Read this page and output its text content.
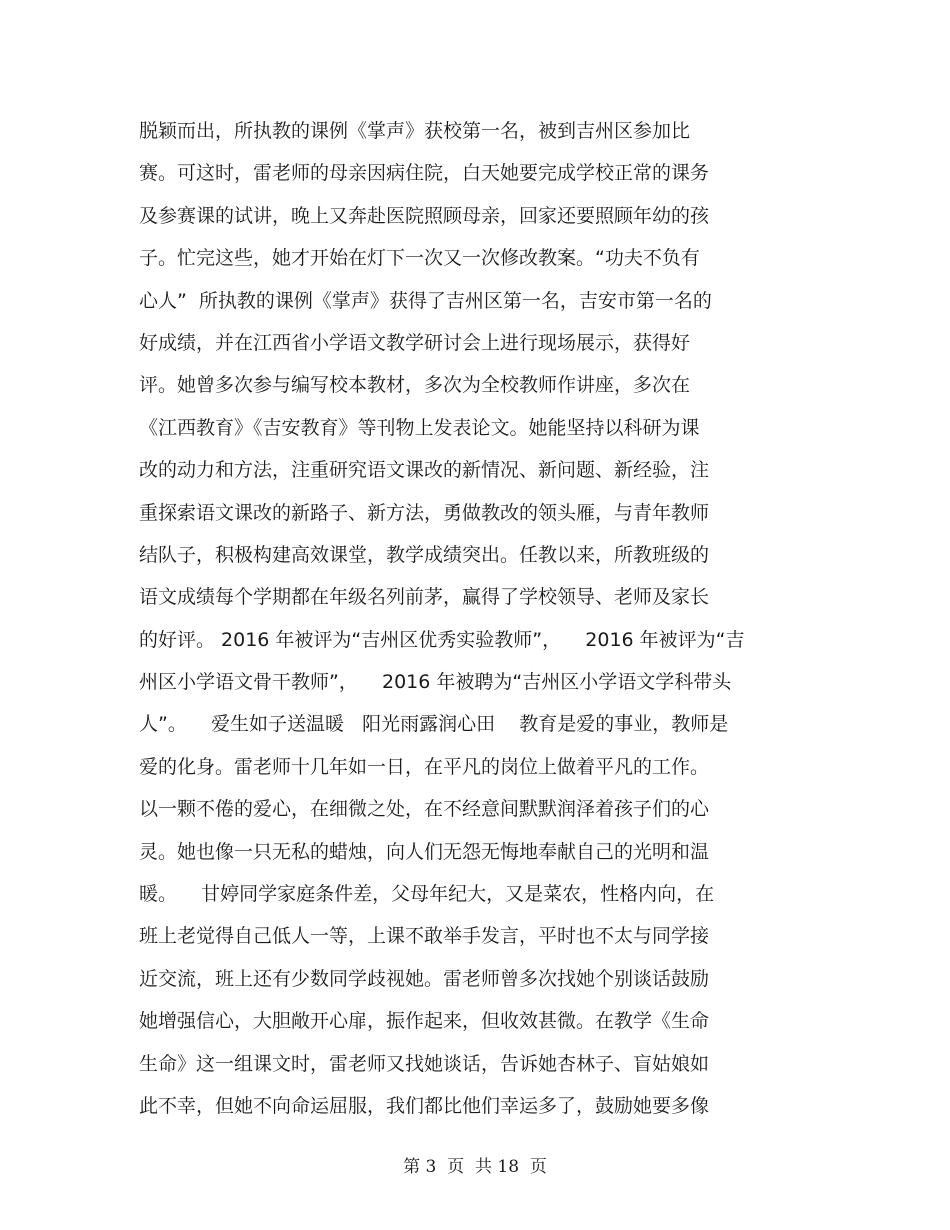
脱颖而出，所执教的课例《掌声》获校第一名，被到吉州区参加比
赛。可这时，雷老师的母亲因病住院，白天她要完成学校正常的课务
及参赛课的试讲，晚上又奔赴医院照顾母亲，回家还要照顾年幼的孩
子。忙完这些，她才开始在灯下一次又一次修改教案。“功夫不负有
心人”  所执教的课例《掌声》获得了吉州区第一名，吉安市第一名的
好成绩，并在江西省小学语文教学研讨会上进行现场展示，获得好
评。她曾多次参与编写校本教材，多次为全校教师作讲座，多次在
《江西教育》《吉安教育》等刊物上发表论文。她能坚持以科研为课
改的动力和方法，注重研究语文课改的新情况、新问题、新经验，注
重探索语文课改的新路子、新方法，勇做教改的领头雁，与青年教师
结队子，积极构建高效课堂，教学成绩突出。任教以来，所教班级的
语文成绩每个学期都在年级名列前茅，赢得了学校领导、老师及家长
的好评。 2016 年被评为“吉州区优秀实验教师”，    2016 年被评为“吉
州区小学语文骨干教师”，    2016 年被聘为“吉州区小学语文学科带头
人”。    爱生如子送温暖   阳光雨露润心田    教育是爱的事业，教师是
爱的化身。雷老师十几年如一日，在平凡的岗位上做着平凡的工作。
以一颗不倦的爱心，在细微之处，在不经意间默默润泽着孩子们的心
灵。她也像一只无私的蜡烛，向人们无怨无悔地奉献自己的光明和温
暖。    甘婷同学家庭条件差，父母年纪大，又是菜农，性格内向，在
班上老觉得自己低人一等，上课不敢举手发言，平时也不太与同学接
近交流，班上还有少数同学歧视她。雷老师曾多次找她个别谈话鼓励
她增强信心，大胆敞开心扉，振作起来，但收效甚微。在教学《生命
生命》这一组课文时，雷老师又找她谈话，告诉她杏林子、盲姑娘如
此不幸，但她不向命运屈服，我们都比他们幸运多了，鼓励她要多像
第 3  页  共 18  页
